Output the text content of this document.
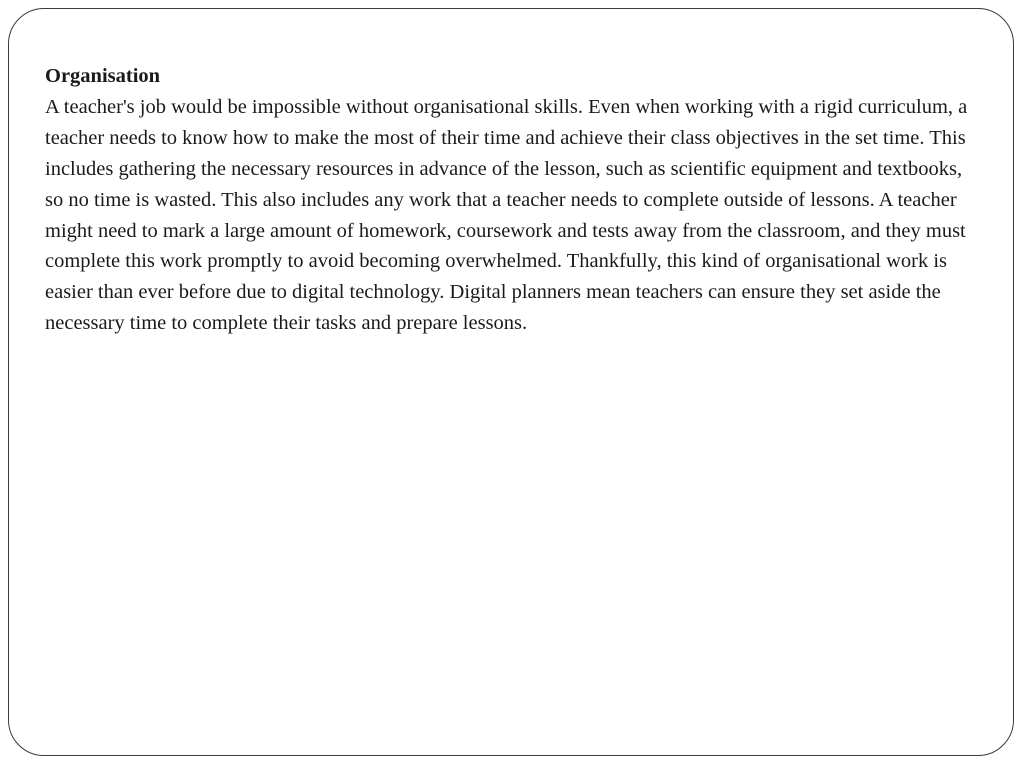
Organisation

A teacher's job would be impossible without organisational skills. Even when working with a rigid curriculum, a teacher needs to know how to make the most of their time and achieve their class objectives in the set time. This includes gathering the necessary resources in advance of the lesson, such as scientific equipment and textbooks, so no time is wasted. This also includes any work that a teacher needs to complete outside of lessons. A teacher might need to mark a large amount of homework, coursework and tests away from the classroom, and they must complete this work promptly to avoid becoming overwhelmed. Thankfully, this kind of organisational work is easier than ever before due to digital technology. Digital planners mean teachers can ensure they set aside the necessary time to complete their tasks and prepare lessons.
